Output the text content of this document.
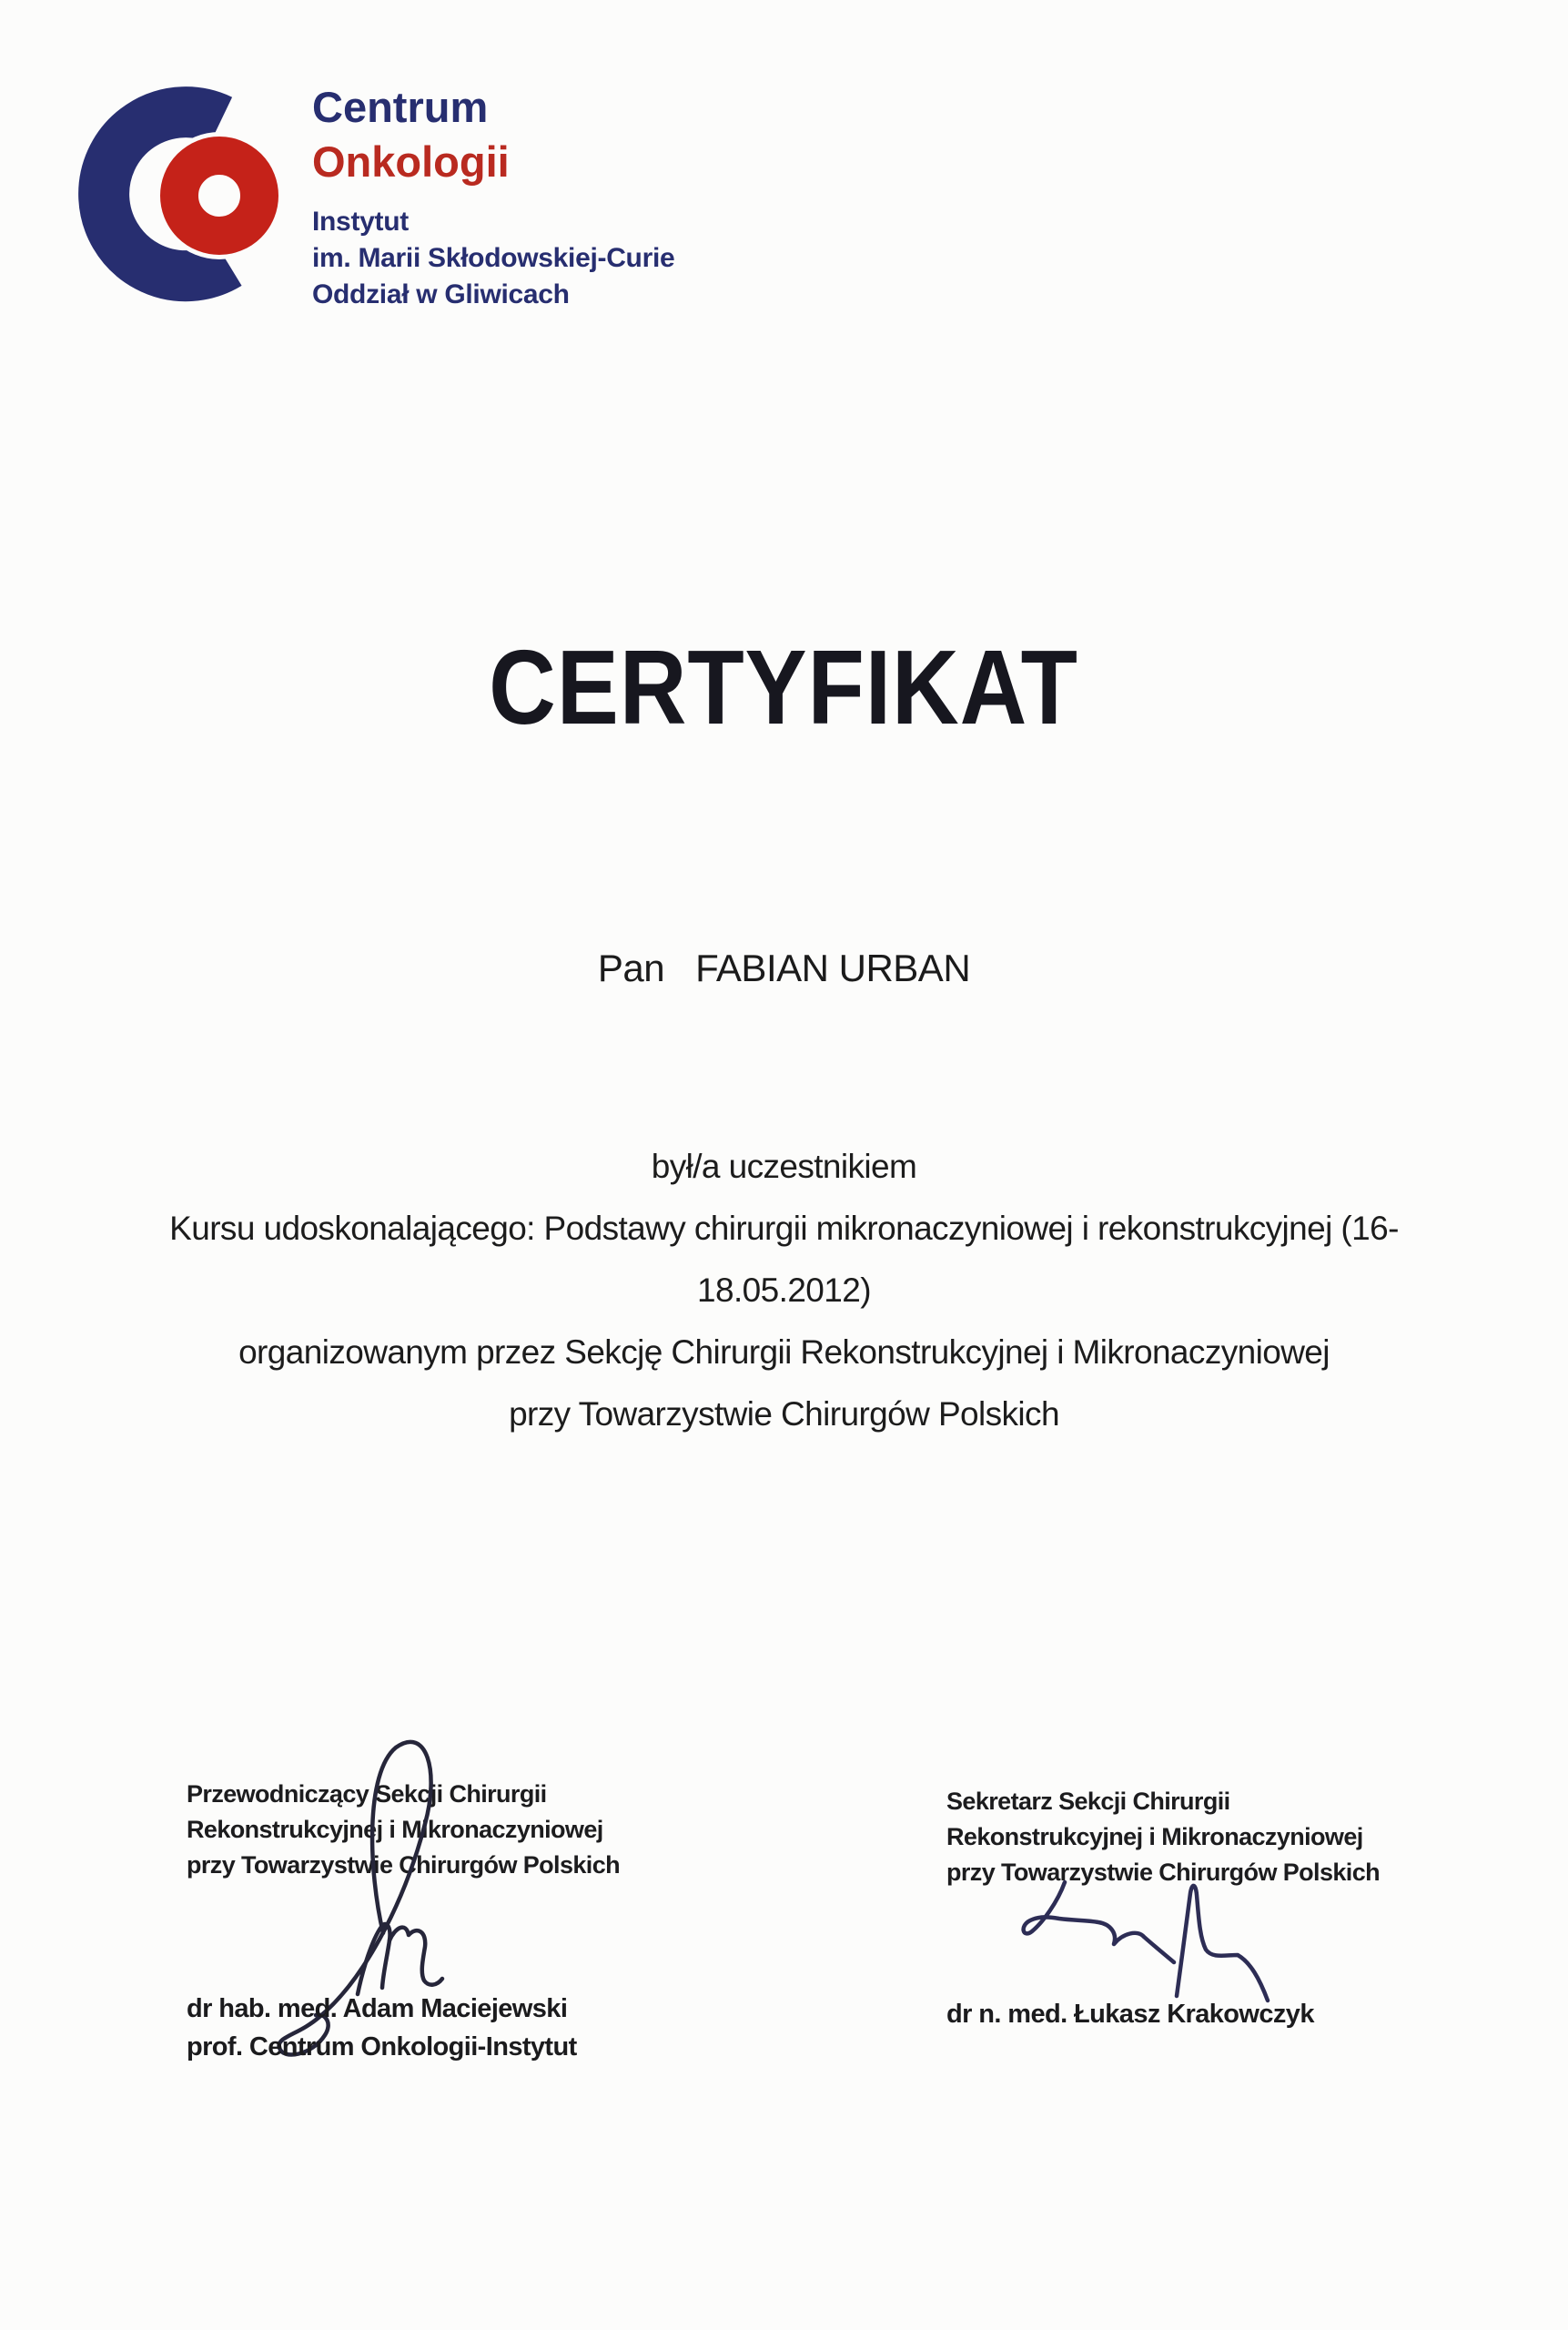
Centrum
Onkologii
Instytut
im. Marii Skłodowskiej-Curie
Oddział w Gliwicach
CERTYFIKAT
Pan FABIAN URBAN
był/a uczestnikiem
Kursu udoskonalającego: Podstawy chirurgii mikronaczyniowej i rekonstrukcyjnej (16-
18.05.2012)
organizowanym przez Sekcję Chirurgii Rekonstrukcyjnej i Mikronaczyniowej
przy Towarzystwie Chirurgów Polskich
Przewodniczący Sekcji Chirurgii
Rekonstrukcyjnej i Mikronaczyniowej
przy Towarzystwie Chirurgów Polskich
dr hab. med. Adam Maciejewski
prof. Centrum Onkologii-Instytut
Sekretarz Sekcji Chirurgii
Rekonstrukcyjnej i Mikronaczyniowej
przy Towarzystwie Chirurgów Polskich
dr n. med. Łukasz Krakowczyk
